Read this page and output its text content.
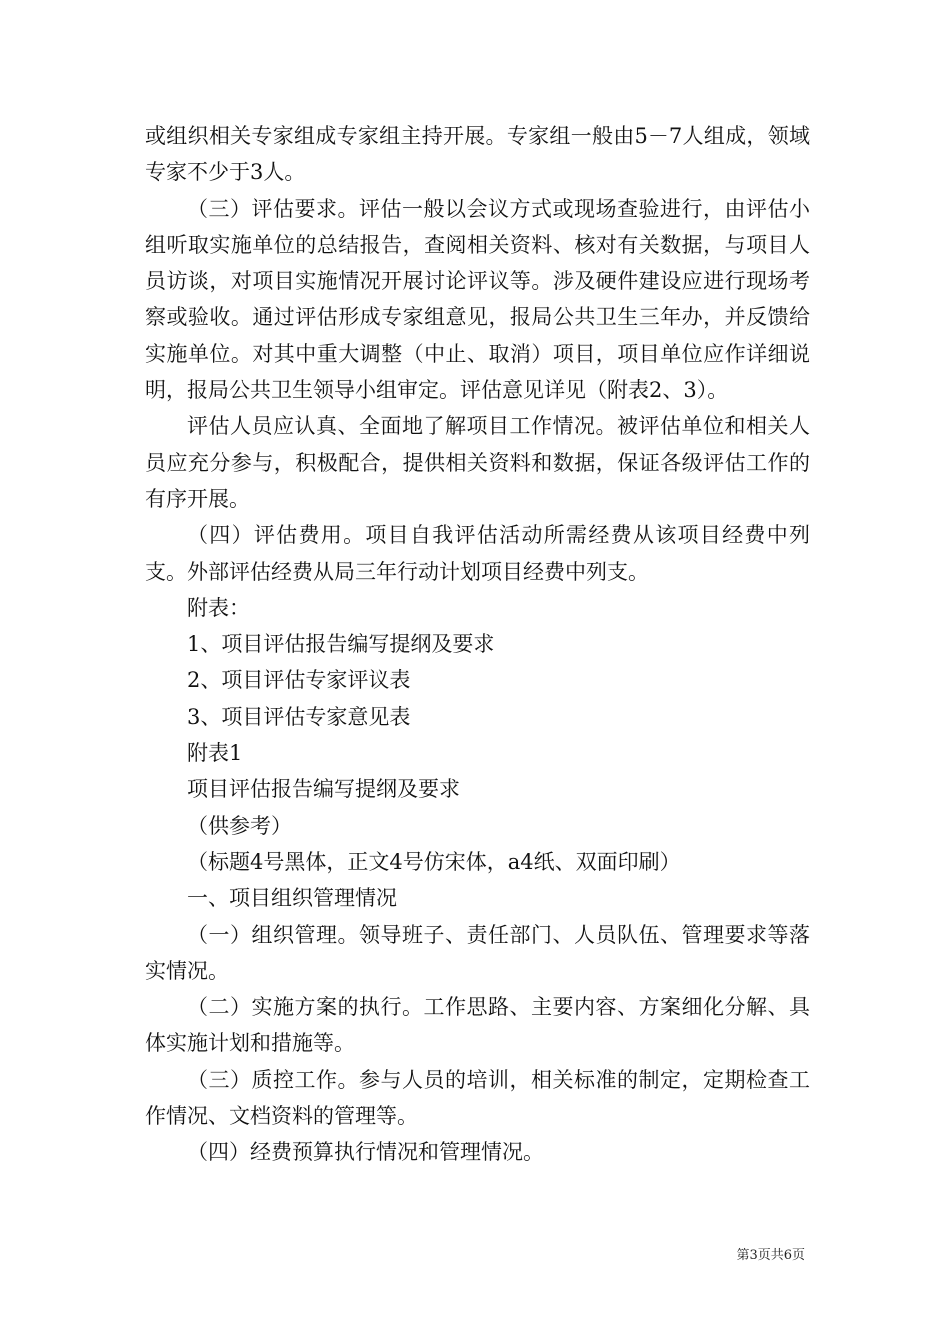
或组织相关专家组成专家组主持开展。专家组一般由5－7人组成，领域专家不少于3人。

（三）评估要求。评估一般以会议方式或现场查验进行，由评估小组听取实施单位的总结报告，查阅相关资料、核对有关数据，与项目人员访谈，对项目实施情况开展讨论评议等。涉及硬件建设应进行现场考察或验收。通过评估形成专家组意见，报局公共卫生三年办，并反馈给实施单位。对其中重大调整（中止、取消）项目，项目单位应作详细说明，报局公共卫生领导小组审定。评估意见详见（附表2、3）。

评估人员应认真、全面地了解项目工作情况。被评估单位和相关人员应充分参与，积极配合，提供相关资料和数据，保证各级评估工作的有序开展。

（四）评估费用。项目自我评估活动所需经费从该项目经费中列支。外部评估经费从局三年行动计划项目经费中列支。

附表：

1、项目评估报告编写提纲及要求

2、项目评估专家评议表

3、项目评估专家意见表

附表1

项目评估报告编写提纲及要求

（供参考）

（标题4号黑体，正文4号仿宋体，a4纸、双面印刷）

一、项目组织管理情况

（一）组织管理。领导班子、责任部门、人员队伍、管理要求等落实情况。

（二）实施方案的执行。工作思路、主要内容、方案细化分解、具体实施计划和措施等。

（三）质控工作。参与人员的培训，相关标准的制定，定期检查工作情况、文档资料的管理等。

（四）经费预算执行情况和管理情况。

第3页共6页
